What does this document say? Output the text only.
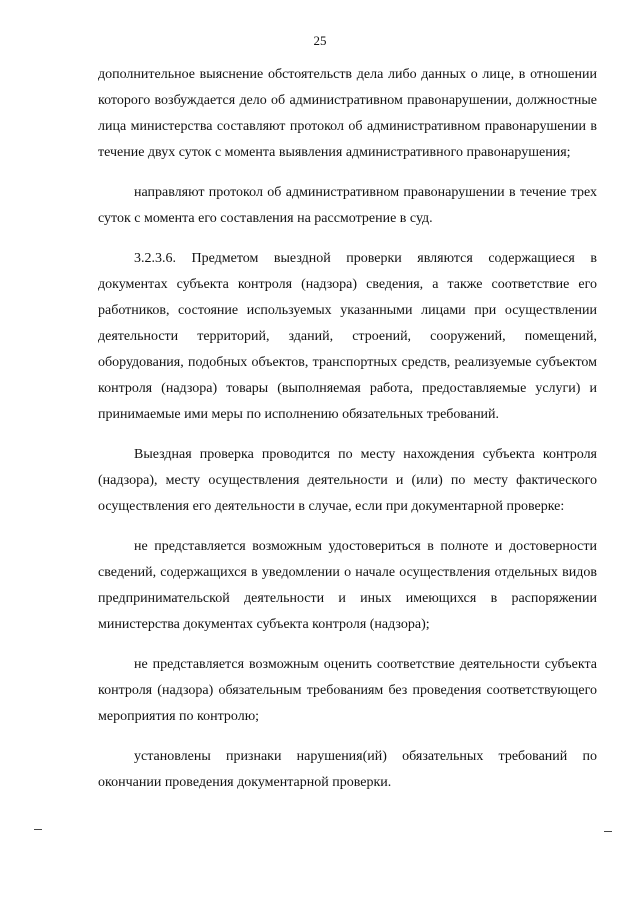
25

дополнительное выяснение обстоятельств дела либо данных о лице, в отношении которого возбуждается дело об административном правонарушении, должностные лица министерства составляют протокол об административном правонарушении в течение двух суток с момента выявления административного правонарушения;

направляют протокол об административном правонарушении в течение трех суток с момента его составления на рассмотрение в суд.

3.2.3.6. Предметом выездной проверки являются содержащиеся в документах субъекта контроля (надзора) сведения, а также соответствие его работников, состояние используемых указанными лицами при осуществлении деятельности территорий, зданий, строений, сооружений, помещений, оборудования, подобных объектов, транспортных средств, реализуемые субъектом контроля (надзора) товары (выполняемая работа, предоставляемые услуги) и принимаемые ими меры по исполнению обязательных требований.

Выездная проверка проводится по месту нахождения субъекта контроля (надзора), месту осуществления деятельности и (или) по месту фактического осуществления его деятельности в случае, если при документарной проверке:

не представляется возможным удостовериться в полноте и достоверности сведений, содержащихся в уведомлении о начале осуществления отдельных видов предпринимательской деятельности и иных имеющихся в распоряжении министерства документах субъекта контроля (надзора);

не представляется возможным оценить соответствие деятельности субъекта контроля (надзора) обязательным требованиям без проведения соответствующего мероприятия по контролю;

установлены признаки нарушения(ий) обязательных требований по окончании проведения документарной проверки.
